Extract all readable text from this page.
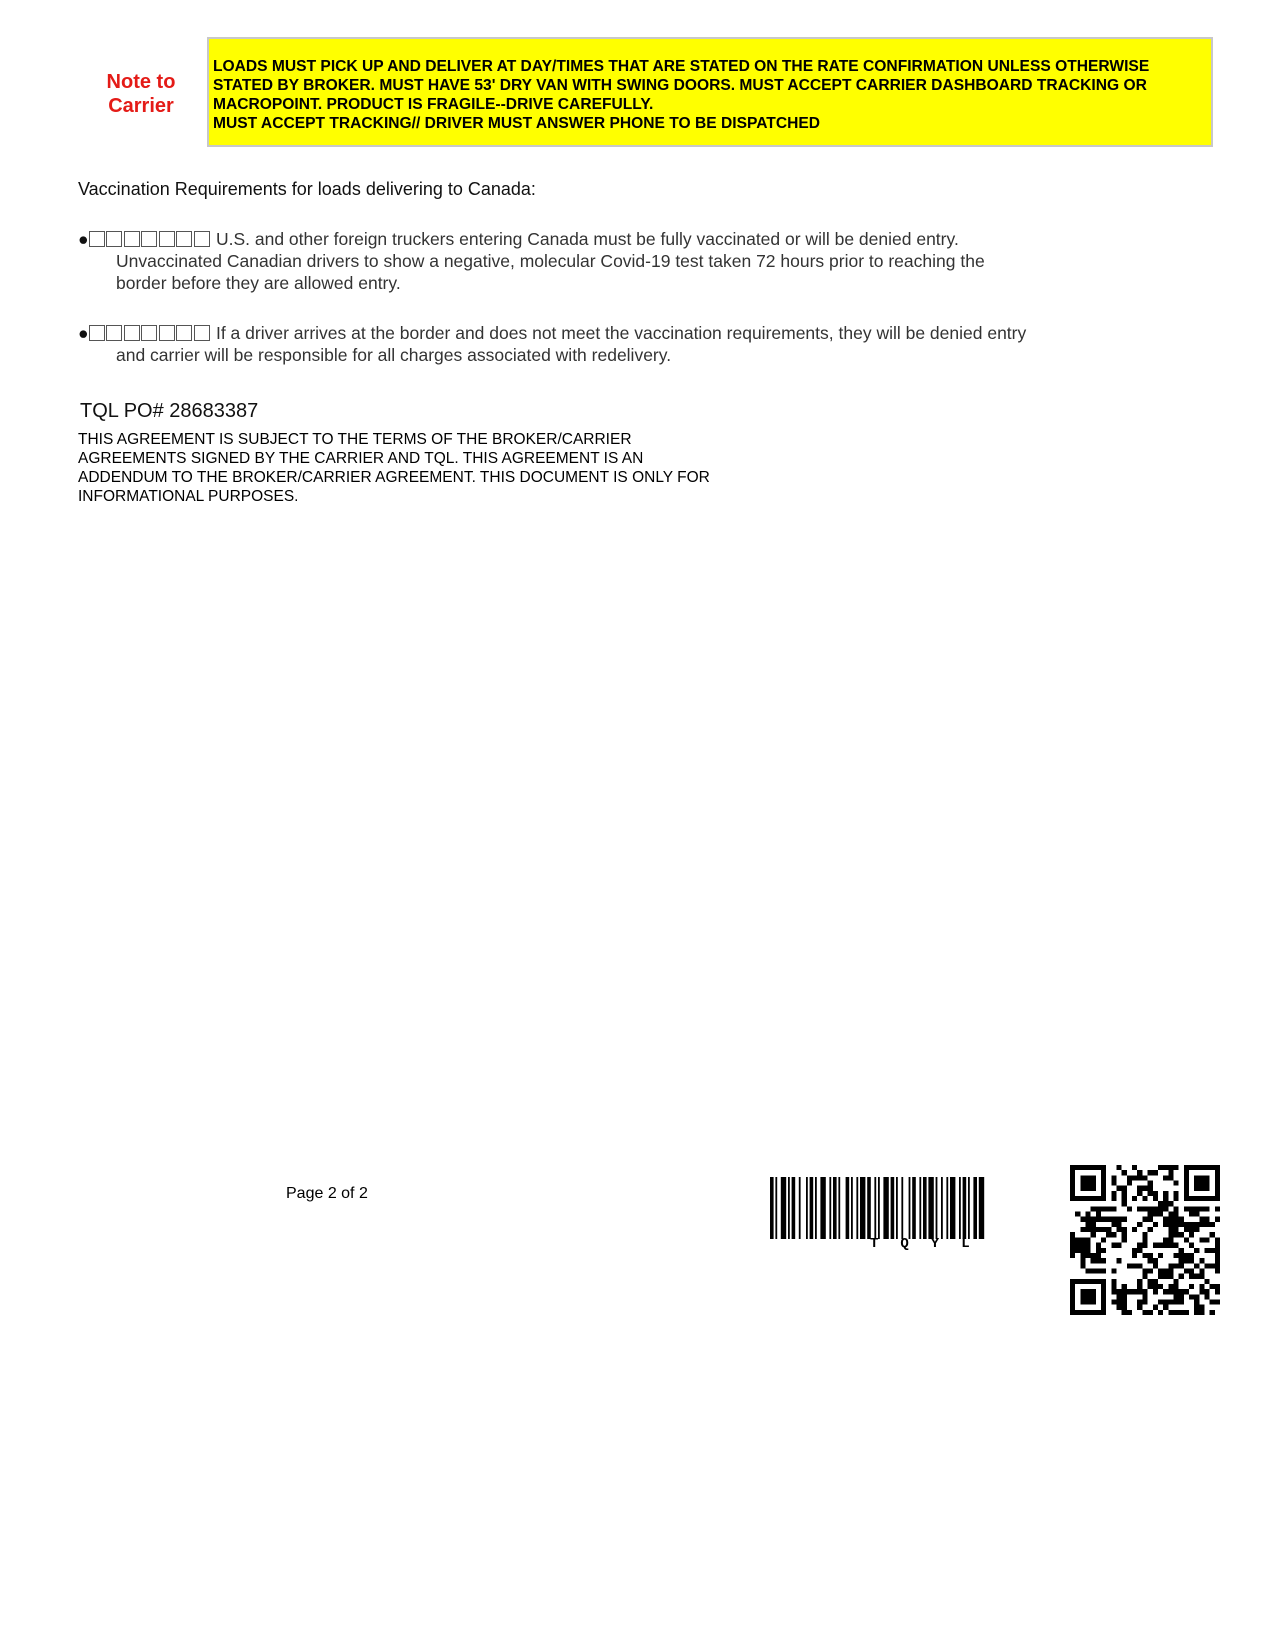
Note to
Carrier
LOADS MUST PICK UP AND DELIVER AT DAY/TIMES THAT ARE STATED ON THE RATE CONFIRMATION UNLESS OTHERWISE
STATED BY BROKER. MUST HAVE 53' DRY VAN WITH SWING DOORS. MUST ACCEPT CARRIER DASHBOARD TRACKING OR
MACROPOINT. PRODUCT IS FRAGILE--DRIVE CAREFULLY.
MUST ACCEPT TRACKING// DRIVER MUST ANSWER PHONE TO BE DISPATCHED
Vaccination Requirements for loads delivering to Canada:
●	U.S. and other foreign truckers entering Canada must be fully vaccinated or will be denied entry.
Unvaccinated Canadian drivers to show a negative, molecular Covid-19 test taken 72 hours prior to reaching the
border before they are allowed entry.
●	If a driver arrives at the border and does not meet the vaccination requirements, they will be denied entry
and carrier will be responsible for all charges associated with redelivery.
TQL PO# 28683387
THIS AGREEMENT IS SUBJECT TO THE TERMS OF THE BROKER/CARRIER
AGREEMENTS SIGNED BY THE CARRIER AND TQL. THIS AGREEMENT IS AN
ADDENDUM TO THE BROKER/CARRIER AGREEMENT. THIS DOCUMENT IS ONLY FOR
INFORMATIONAL PURPOSES.
Page 2 of 2
TQYL
